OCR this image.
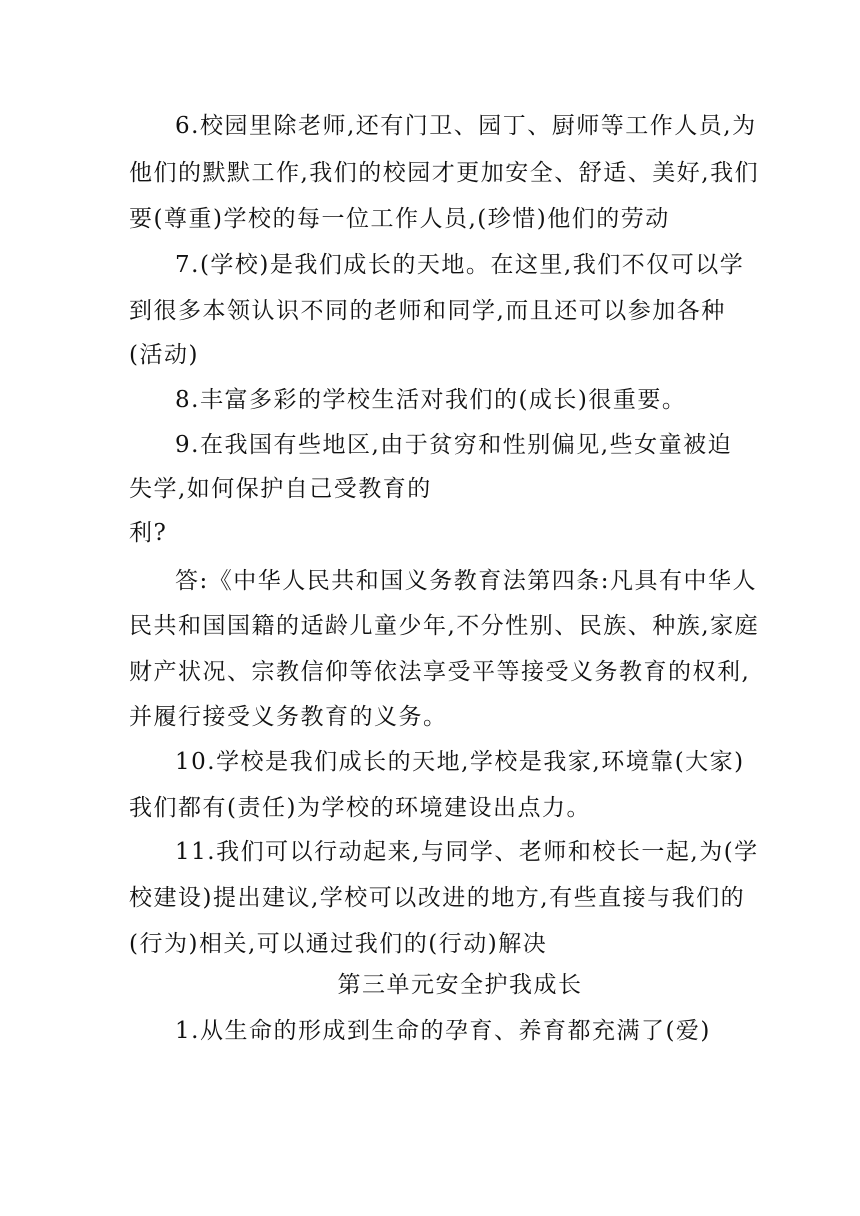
6.校园里除老师,还有门卫、园丁、厨师等工作人员,为
他们的默默工作,我们的校园才更加安全、舒适、美好,我们
要(尊重)学校的每一位工作人员,(珍惜)他们的劳动
7.(学校)是我们成长的天地。在这里,我们不仅可以学
到很多本领认识不同的老师和同学,而且还可以参加各种
(活动)
8.丰富多彩的学校生活对我们的(成长)很重要。
9.在我国有些地区,由于贫穷和性别偏见,些女童被迫
失学,如何保护自己受教育的
利?
答:《中华人民共和国义务教育法第四条:凡具有中华人
民共和国国籍的适龄儿童少年,不分性别、民族、种族,家庭
财产状况、宗教信仰等依法享受平等接受义务教育的权利,
并履行接受义务教育的义务。
10.学校是我们成长的天地,学校是我家,环境靠(大家)
我们都有(责任)为学校的环境建设出点力。
11.我们可以行动起来,与同学、老师和校长一起,为(学
校建设)提出建议,学校可以改进的地方,有些直接与我们的
(行为)相关,可以通过我们的(行动)解决
第三单元安全护我成长
1.从生命的形成到生命的孕育、养育都充满了(爱)
